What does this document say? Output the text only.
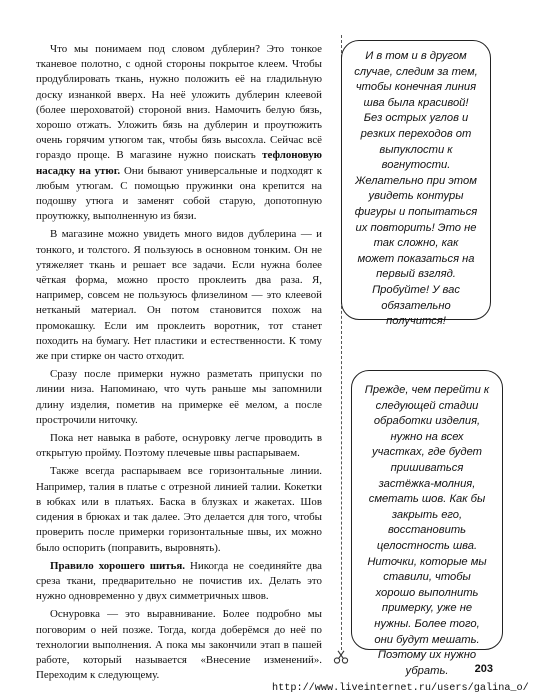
Что мы понимаем под словом дублерин? Это тонкое тканевое полотно, с одной стороны покрытое клеем. Чтобы продублировать ткань, нужно положить её на гладильную доску изнанкой вверх. На неё уложить дублерин клеевой (более шероховатой) стороной вниз. Намочить белую бязь, хорошо отжать. Уложить бязь на дублерин и проутюжить очень горячим утюгом так, чтобы бязь высохла. Сейчас всё гораздо проще. В магазине нужно поискать тефлоновую насадку на утюг. Они бывают универсальные и подходят к любым утюгам. С помощью пружинки она крепится на подошву утюга и заменят собой старую, допотопную проутюжку, выполненную из бязи.

В магазине можно увидеть много видов дублерина — и тонкого, и толстого. Я пользуюсь в основном тонким. Он не утяжеляет ткань и решает все задачи. Если нужна более чёткая форма, можно просто проклеить два раза. Я, например, совсем не пользуюсь флизелином — это клеевой нетканый материал. Он потом становится похож на промокашку. Если им проклеить воротник, тот станет походить на бумагу. Нет пластики и естественности. К тому же при стирке он часто отходит.

Сразу после примерки нужно разметать припуски по линии низа. Напоминаю, что чуть раньше мы запомнили длину изделия, пометив на примерке её мелом, а после прострочили ниточку.

Пока нет навыка в работе, оснуровку легче проводить в открытую пройму. Поэтому плечевые швы распарываем.

Также всегда распарываем все горизонтальные линии. Например, талия в платье с отрезной линией талии. Кокетки в юбках или в платьях. Баска в блузках и жакетах. Шов сидения в брюках и так далее. Это делается для того, чтобы проверить после примерки горизонтальные швы, их можно было оспорить (поправить, выровнять).

Правило хорошего шитья. Никогда не соединяйте два среза ткани, предварительно не почистив их. Делать это нужно одновременно у двух симметричных швов.

Оснуровка — это выравнивание. Более подробно мы поговорим о ней позже. Тогда, когда доберёмся до неё по технологии выполнения. А пока мы закончили этап в пашей работе, который называется «Внесение изменений». Переходим к следующему.

И в том и в другом случае, следим за тем, чтобы конечная линия шва была красивой! Без острых углов и резких переходов от выпуклости к вогнутости. Желательно при этом увидеть контуры фигуры и попытаться их повторить! Это не так сложно, как может показаться на первый взгляд. Пробуйте! У вас обязательно получится!
Прежде, чем перейти к следующей стадии обработки изделия, нужно на всех участках, где будет пришиваться застёжка-молния, сметать шов. Как бы закрыть его, восстановить целостность шва. Ниточки, которые мы ставили, чтобы хорошо выполнить примерку, уже не нужны. Более того, они будут мешать. Поэтому их нужно убрать.	203
http://www.liveinternet.ru/users/galina_o/
